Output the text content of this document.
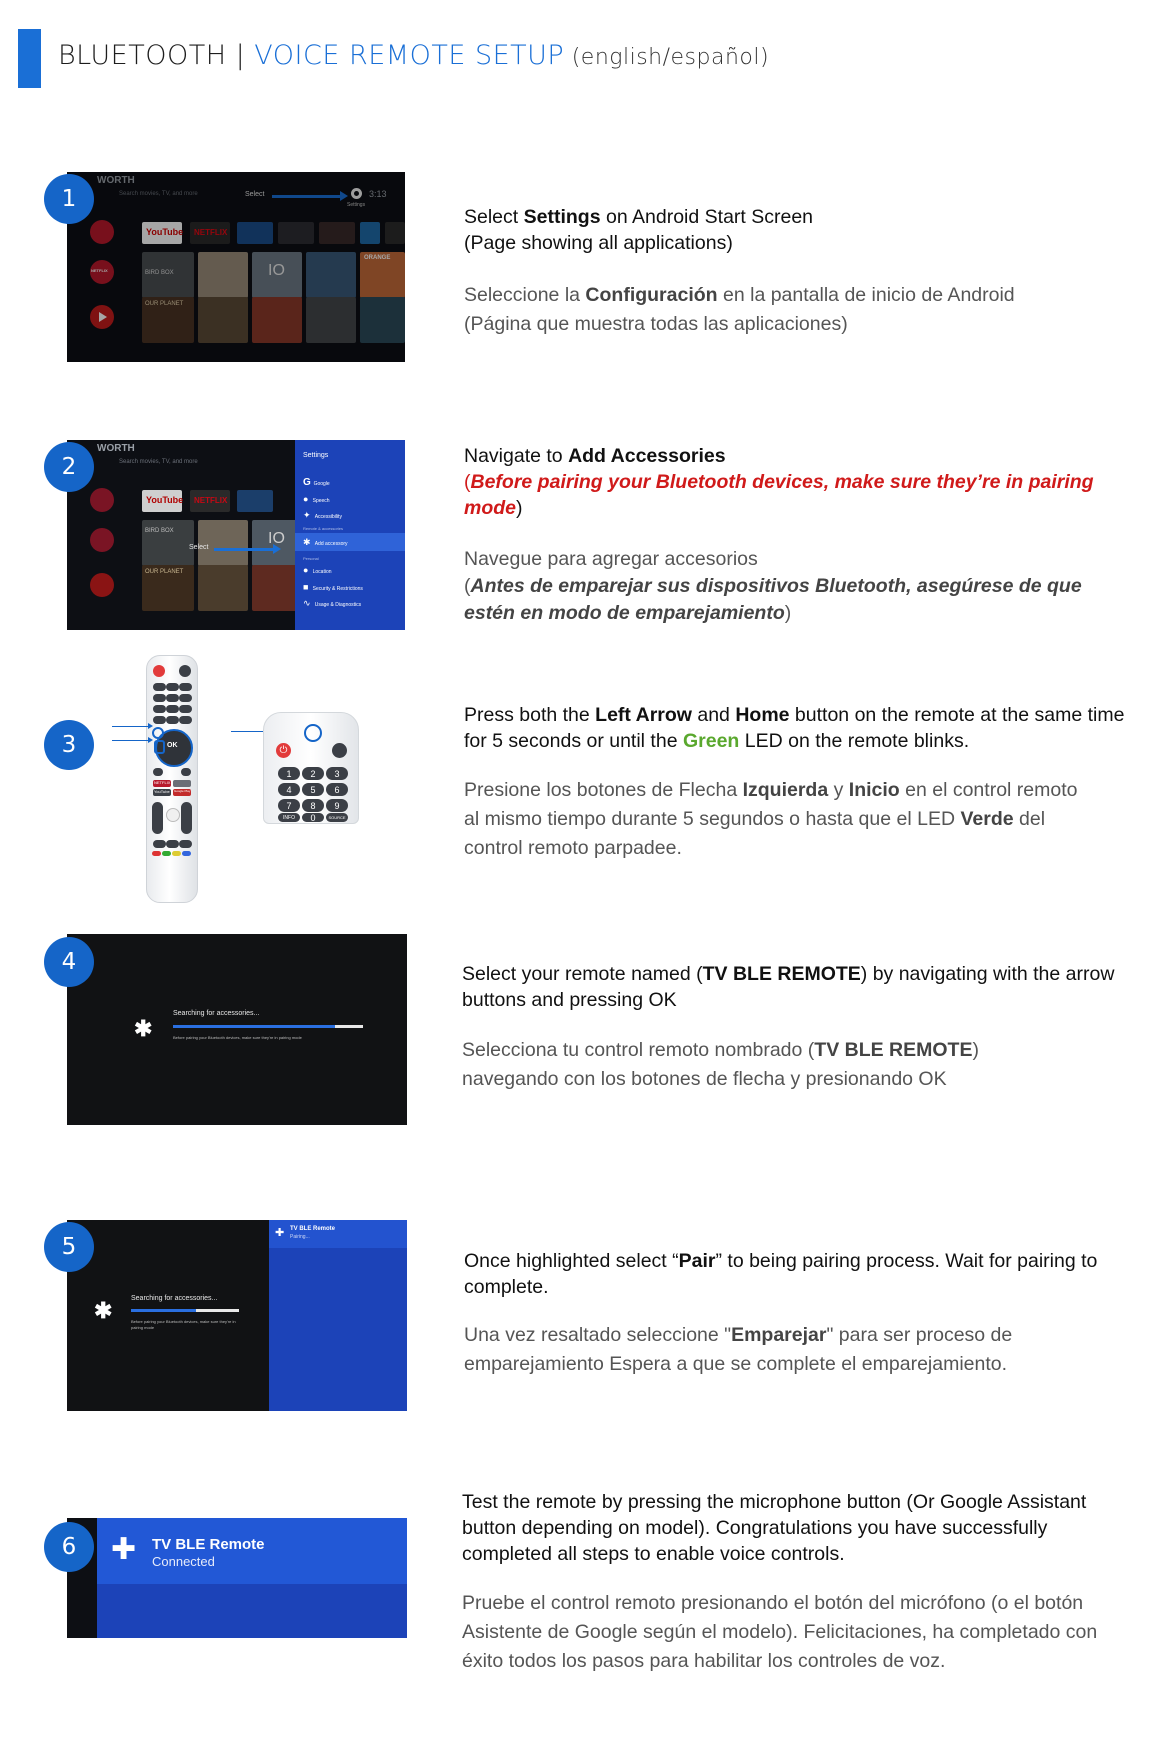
BLUETOOTH | VOICE REMOTE SETUP (english/español)
WORTH
Search movies, TV, and more	Select	3:13
Settings
YouTube NETFLIX
NETFLIX	BIRD BOX	IO
ORANGE
OUR PLANET
1
Select Settings on Android Start Screen
(Page showing all applications)
Seleccione la Configuración en la pantalla de inicio de Android
(Página que muestra todas las aplicaciones)
WORTH
Search movies, TV, and more
YouTube NETFLIX
BIRD BOX	IO
Select
OUR PLANET
Settings
G Google
● Speech
✦ Accessibility
Remote & accessories
✱ Add accessory
Personal
● Location
■ Security & Restrictions
∿ Usage & Diagnostics
2	Navigate to Add Accessories
(Before pairing your Bluetooth devices, make sure they’re in pairing mode)
Navegue para agregar accesorios
(Antes de emparejar sus dispositivos Bluetooth, asegúrese de que estén en modo de emparejamiento)
OK
NETFLIX
YouTube Google Play
⏻
1	2	3
4	5	6
7	8	9
INFO	0	SOURCE
3
Press both the Left Arrow and Home button on the remote at the same time for 5 seconds or until the Green LED on the remote blinks.
Presione los botones de Flecha Izquierda y Inicio en el control remoto al mismo tiempo durante 5 segundos o hasta que el LED Verde del control remoto parpadee.
✱
Searching for accessories...
Before pairing your Bluetooth devices, make sure they're in pairing mode
4	Select your remote named (TV BLE REMOTE) by navigating with the arrow buttons and pressing OK
Selecciona tu control remoto nombrado (TV BLE REMOTE) navegando con los botones de flecha y presionando OK
✱	Searching for accessories...
Before pairing your Bluetooth devices, make sure they're in pairing mode
✚ TV BLE Remote
Pairing...
5
Once highlighted select “Pair” to being pairing process. Wait for pairing to complete.
Una vez resaltado seleccione "Emparejar" para ser proceso de emparejamiento Espera a que se complete el emparejamiento.
✚ TV BLE Remote
Connected
6
Test the remote by pressing the microphone button (Or Google Assistant button depending on model). Congratulations you have successfully completed all steps to enable voice controls.
Pruebe el control remoto presionando el botón del micrófono (o el botón Asistente de Google según el modelo). Felicitaciones, ha completado con éxito todos los pasos para habilitar los controles de voz.
